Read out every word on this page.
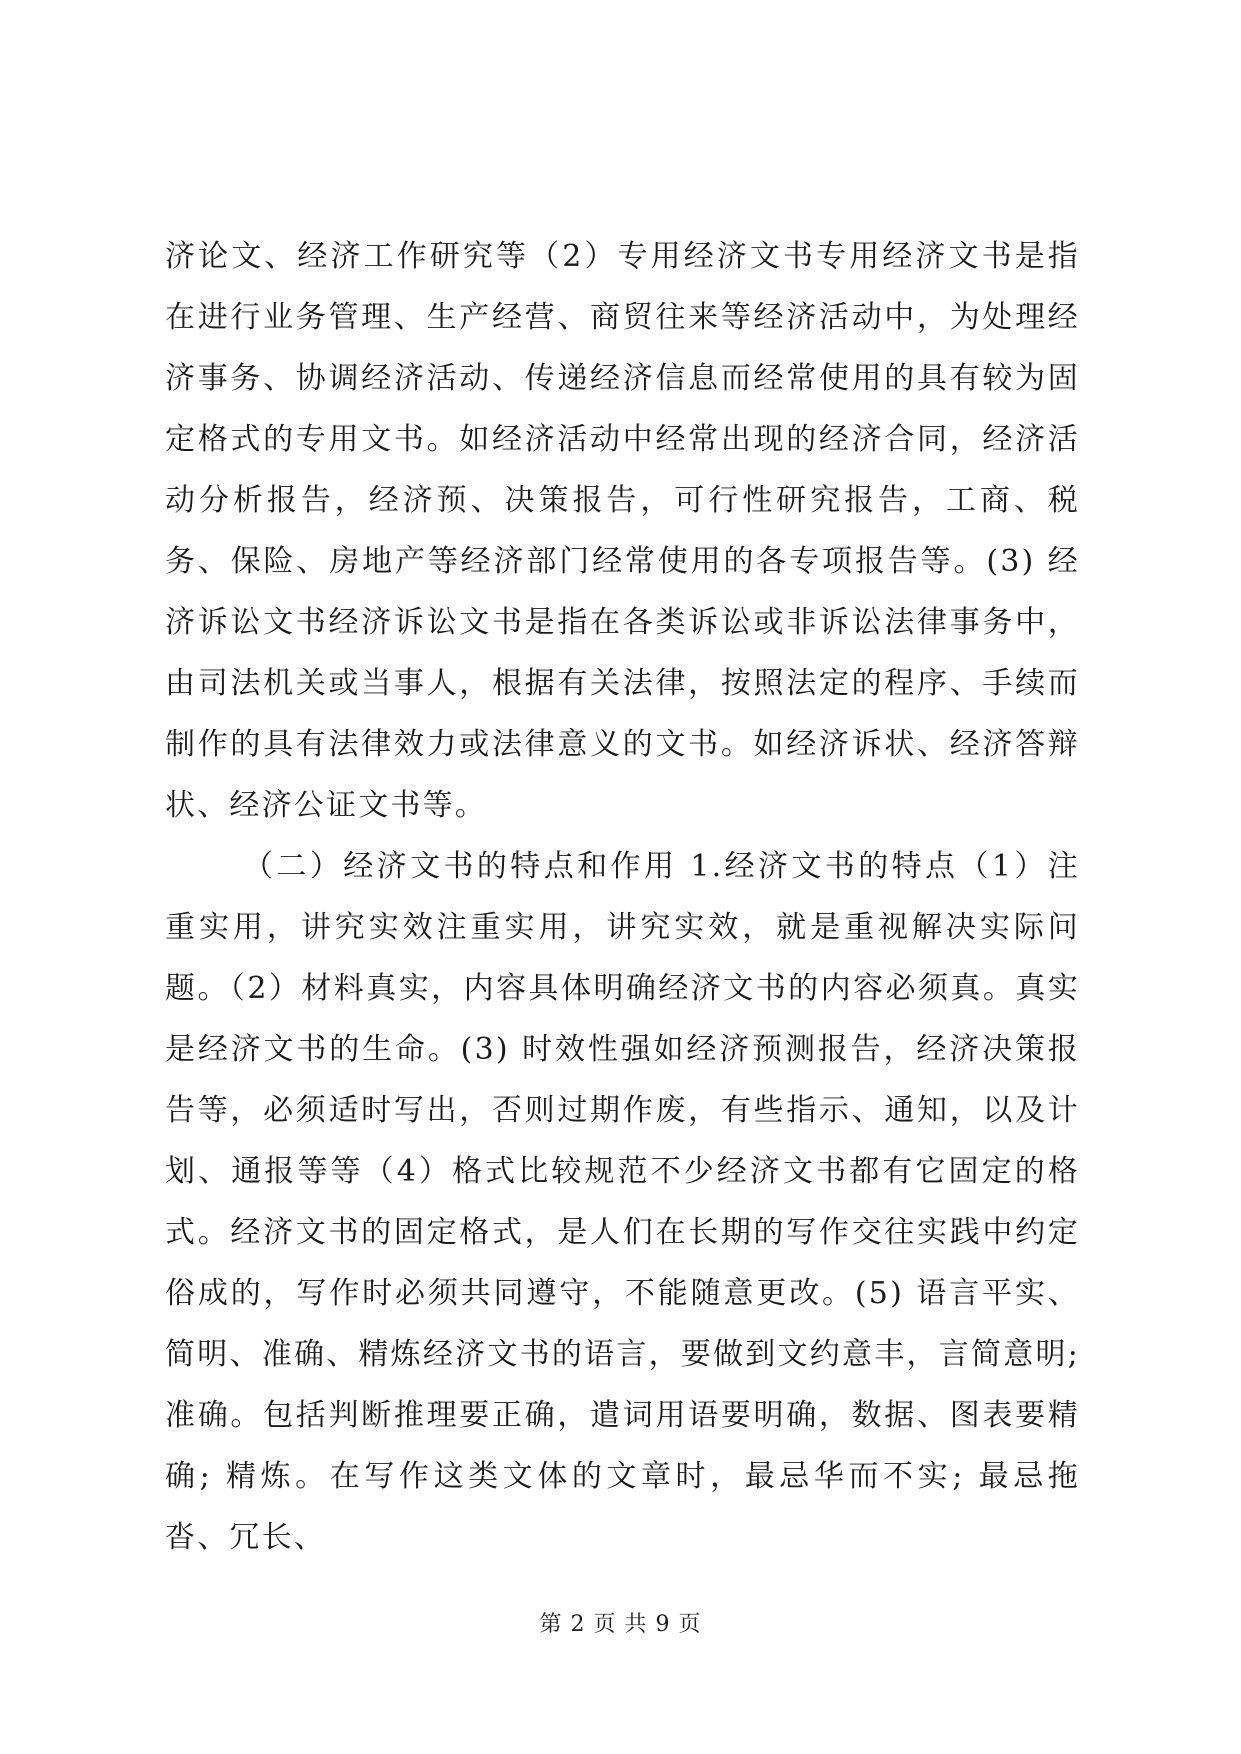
济论文、经济工作研究等（2）专用经济文书专用经济文书是指在进行业务管理、生产经营、商贸往来等经济活动中，为处理经济事务、协调经济活动、传递经济信息而经常使用的具有较为固定格式的专用文书。如经济活动中经常出现的经济合同，经济活动分析报告，经济预、决策报告，可行性研究报告，工商、税务、保险、房地产等经济部门经常使用的各专项报告等。(3) 经济诉讼文书经济诉讼文书是指在各类诉讼或非诉讼法律事务中，由司法机关或当事人，根据有关法律，按照法定的程序、手续而制作的具有法律效力或法律意义的文书。如经济诉状、经济答辩状、经济公证文书等。

（二）经济文书的特点和作用 1.经济文书的特点（1）注重实用，讲究实效注重实用，讲究实效，就是重视解决实际问题。（2）材料真实，内容具体明确经济文书的内容必须真。真实是经济文书的生命。(3) 时效性强如经济预测报告，经济决策报告等，必须适时写出，否则过期作废，有些指示、通知，以及计划、通报等等（4）格式比较规范不少经济文书都有它固定的格式。经济文书的固定格式，是人们在长期的写作交往实践中约定俗成的，写作时必须共同遵守，不能随意更改。(5) 语言平实、简明、准确、精炼经济文书的语言，要做到文约意丰，言简意明; 准确。包括判断推理要正确，遣词用语要明确，数据、图表要精确; 精炼。在写作这类文体的文章时，最忌华而不实; 最忌拖沓、冗长、

第 2 页 共 9 页
